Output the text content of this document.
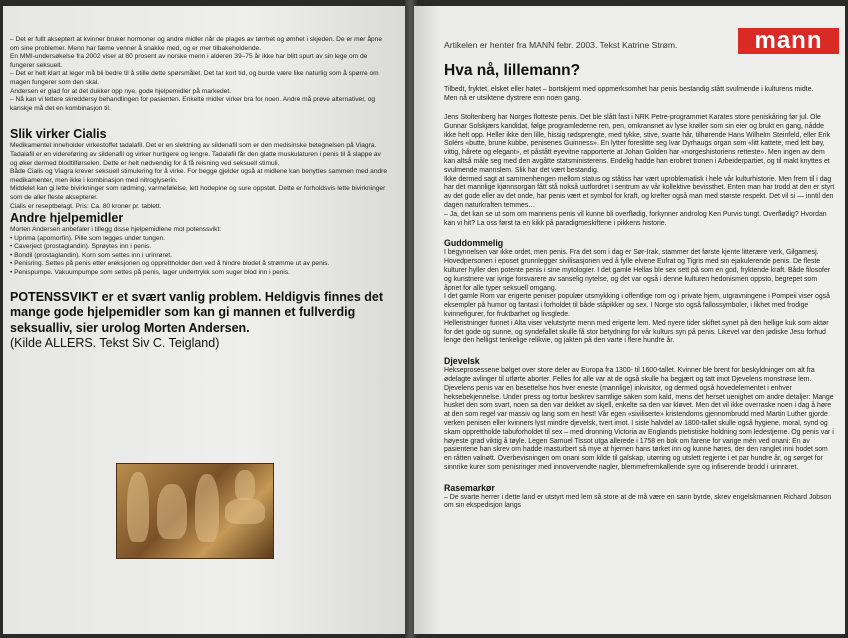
– Det er fullt akseptert at kvinner bruker hormoner og andre midler når de plages av tørrhet og ømhet i skjeden. De er mer åpne om sine problemer. Menn har fæme venner å snakke med, og er mer tilbakeholdende.

En MMI-undersøkelse fra 2002 viser at 80 prosent av norske menn i alderen 39–75 år ikke har blitt spurt av sin lege om de fungerer seksuelt.

– Det er helt klart at leger må bli bedre til å stille dette spørsmålet. Det tar kort tid, og burde være like naturlig som å spørre om magen fungerer som den skal.

Andersen er glad for at det dukker opp nye, gode hjelpemidler på markedet.

– Nå kan vi lettere skreddersy behandlingen for pasienten. Enkelte midler virker bra for noen. Andre må prøve alternativer, og kanskje må det en kombinasjon til.

Slik virker Cialis

Medikamentet inneholder virkestoffet tadalafil. Det er en slektning av sildenafil som er den medisinske betegnelsen på Viagra. Tadalafil er en videreføring av sildenafil og virker hurtigere og lengre. Tadalafil får den glatte muskulaturen i penis til å slappe av og øker dermed blodtilførselen. Dette er helt nødvendig for å få reisning ved seksuell stimuli.

Både Cialis og Viagra krever seksuell stimulering for å virke. For begge gjelder også at midlene kan benyttes sammen med andre medikamenter, men ikke i kombinasjon med nitroglyserin.

Middelet kan gi lette bivirkninger som rødming, varmefølelse, lett hodepine og sure oppstøt. Dette er forholdsvis lette bivirkninger som de aller fleste aksepterer.

Cialis er reseptbelagt. Pris: Ca. 80 kroner pr. tablett.

Andre hjelpemidler

Morten Andersen anbefaler i tillegg disse hjelpemidlene mot potenssvikt:

• Uprima (apomorfin). Pille som legges under tungen.
• Caverject (prostaglandin). Sprøytes inn i penis.
• Bondil (prostaglandin). Korn som settes inn i urinrøret.
• Penisring. Settes på penis etter ereksjonen og opprettholder den ved å hindre blodet å strømme ut av penis.
• Penispumpe. Vakuumpumpe som settes på penis, lager undertrykk som suger blod inn i penis.

POTENSSVIKT er et svært vanlig problem. Heldigvis finnes det mange gode hjelpemidler som kan gi mannen et fullverdig seksualliv, sier urolog Morten Andersen.

(Kilde ALLERS. Tekst Siv C. Teigland)

Artikelen er henter fra MANN febr. 2003. Tekst Katrine Strøm.	mann
Hva nå, lillemann?

Tilbedt, fryktet, elsket eller hatet – bortskjemt med oppmerksomhet har penis bestandig stått svulmende i kulturens midte. Men nå er utsiktene dystrere enn noen gang.

Jens Stoltenberg har Norges flotteste penis. Det ble slått fast i NRK Petre-programmet Karates store peniskåring før jul. Ole Gunnar Solskjærs kandidat, følge programlederne ren, pen, omkransnet av lyse krøller som sin eier og brukt en gang, nådde ikke helt opp. Heller ikke den lille, hissig rødsprengte, med tykke, stive, svarte hår, tilhørende Hans Wilhelm Steinfeld, eller Erik Solérs «butte, brune kubbe, penisenes Guinness». En lytter foreslitte seg Ivar Dyrhaugs organ som «litt kattete, med lett bøy, vittig, hårete og elegant», et påstått eyevitne rapporterte at Johan Golden har «norgeshistoriens retteste». Men ingen av dem kan altså måle seg med den avgåtte statsministerens. Endelig hadde han erobret tronen i Arbeiderpartiet, og til makt knyttes et svulmende mannslem. Slik har det vært bestandig.

Ikke dermed sagt at sammenhengen mellom status og ståtiss har vært uproblematisk i hele vår kulturhistorie. Men frem til i dag har det mannlige kjønnsorgan fått stå nokså uutfordret i sentrum av vår kollektive bevissthet. Enten man har trodd at den er styrt av det gode eller av det onde, har penis vært et symbol for kraft, og krefter også man med største respekt. Det vil si — inntil den dagen naturkraften temmes…

– Ja, det kan se ut som om mannens penis vil kunne bli overflødig, forkynner androlog Ken Purvis tungt. Overflødig? Hvordan kan vi hit? La oss først ta en kikk på paradigmeskiftene i pikkens historie.

Guddommelig

I begynnelsen var ikke ordet, men penis. Fra det som i dag er Sør-Irak, stammer det første kjente litterære verk, Gilgamesj. Hovedpersonen i eposet grunnlegger sivilisasjonen ved å fylle elvene Eufrat og Tigris med sin ejakulerende penis. De fleste kulturer hyller den potente penis i sine mytologier. I det gamle Hellas ble sex sett på som en god, fryktende kraft. Både filosofer og kunstnere var ivrige forsvarere av sanselig nytelse, og det var også i denne kulturen hedonismen oppsto, begrepet som åpnet for alle typer seksuell omgang.

I det gamle Rom var erigerte peniser populær utsmykking i offentlige rom og i private hjem, utgravningene i Pompeii viser også eksempler på humor og fantasi i forholdet til både ståpikker og sex. I Norge sto også fallossymboler, i likhet med frodige kvinnefigurer, for fruktbarhet og livsglede.

Helleristninger funnet i Alta viser velutstyrte menn med erigerte lem. Med nyere tider skiftet synet på den hellige kuk som aktør for det gode og sunne, og syndefallet skulle få stor betydning for vår kulturs syn på penis. Likevel var den jødiske Jesu forhud lenge den helligst tenkelige relikvie, og jakten på den varte i flere hundre år.

Djevelsk

Hekseprosessene bølget over store deler av Europa fra 1300- til 1600-tallet. Kvinner ble brent for beskyldninger om alt fra ødelagte avlinger til utførte aborter. Felles for alle var at de også skulle ha begjært og tatt imot Djevelens monstrøse lem.

Djevelens penis var en besettelse hos hver eneste (mannlige) inkvisitor, og dermed også hovedelementet i enhver heksebekjennelse. Under press og tortur beskrev samtlige saken som kald, mens det herset uenighet om andre detaljer: Mange husket den som svart, noen sa den var dekket av skjell, enkelte sa den var kløvet. Men det vil ikke overraske noen i dag å høre at den som regel var massiv og lang som en hest! Vår egen «siviliserte» kristendoms gjennombrudd med Martin Luther gjorde verken penisen eller kvinners lyst mindre djevelsk, tvert imot. I siste halvdel av 1800-tallet skulle også hygiene, moral, synd og skam opprettholde tabuforholdet til sex – med dronning Victoria av Englands pietistiske holdning som ledestjerne. Og penis var i høyeste grad viktig å tøyle. Legen Samuel Tissot utga allerede i 1758 en bok om farene for varige mén ved onani: En av pasientene han skrev om hadde masturbert så mye at hjernen hans tørket inn og kunne høres, der den ranglet inni hodet som en råtten valnøtt. Overbevisningen om onani som kilde til galskap, utørring og utslett regjerte i et par hundre år, og sørget for sinnrike kurer som penisringer med innovervendte nagler, blemmefremkallende syre og infiserende brodd i urinrøret.

Rasemarkør

– De svarte herrer i dette land er utstyrt med lem så store at de må være en sann byrde, skrev engelskmannen Richard Jobson om sin ekspedisjon langs
